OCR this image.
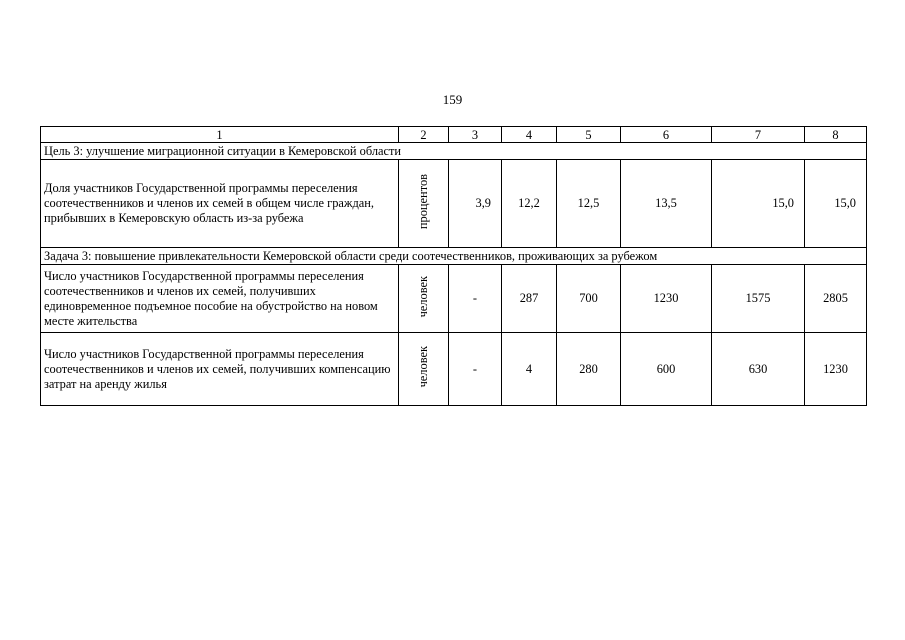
159
1	2	3	4	5	6	7	8
Цель 3: улучшение миграционной ситуации в Кемеровской области							
Доля участников Государственной программы переселения соотечественников и членов их семей в общем числе граждан, прибывших в Кемеровскую область из-за рубежа	процентов	3,9	12,2	12,5	13,5	15,0	15,0
Задача 3: повышение привлекательности Кемеровской области среди соотечественников, проживающих за рубежом							
Число участников Государственной программы переселения соотечественников и членов их семей, получивших единовременное подъемное пособие на обустройство на новом месте жительства	человек	-	287	700	1230	1575	2805
Число участников Государственной программы переселения соотечественников и членов их семей, получивших компенсацию затрат на аренду жилья	человек	-	4	280	600	630	1230
